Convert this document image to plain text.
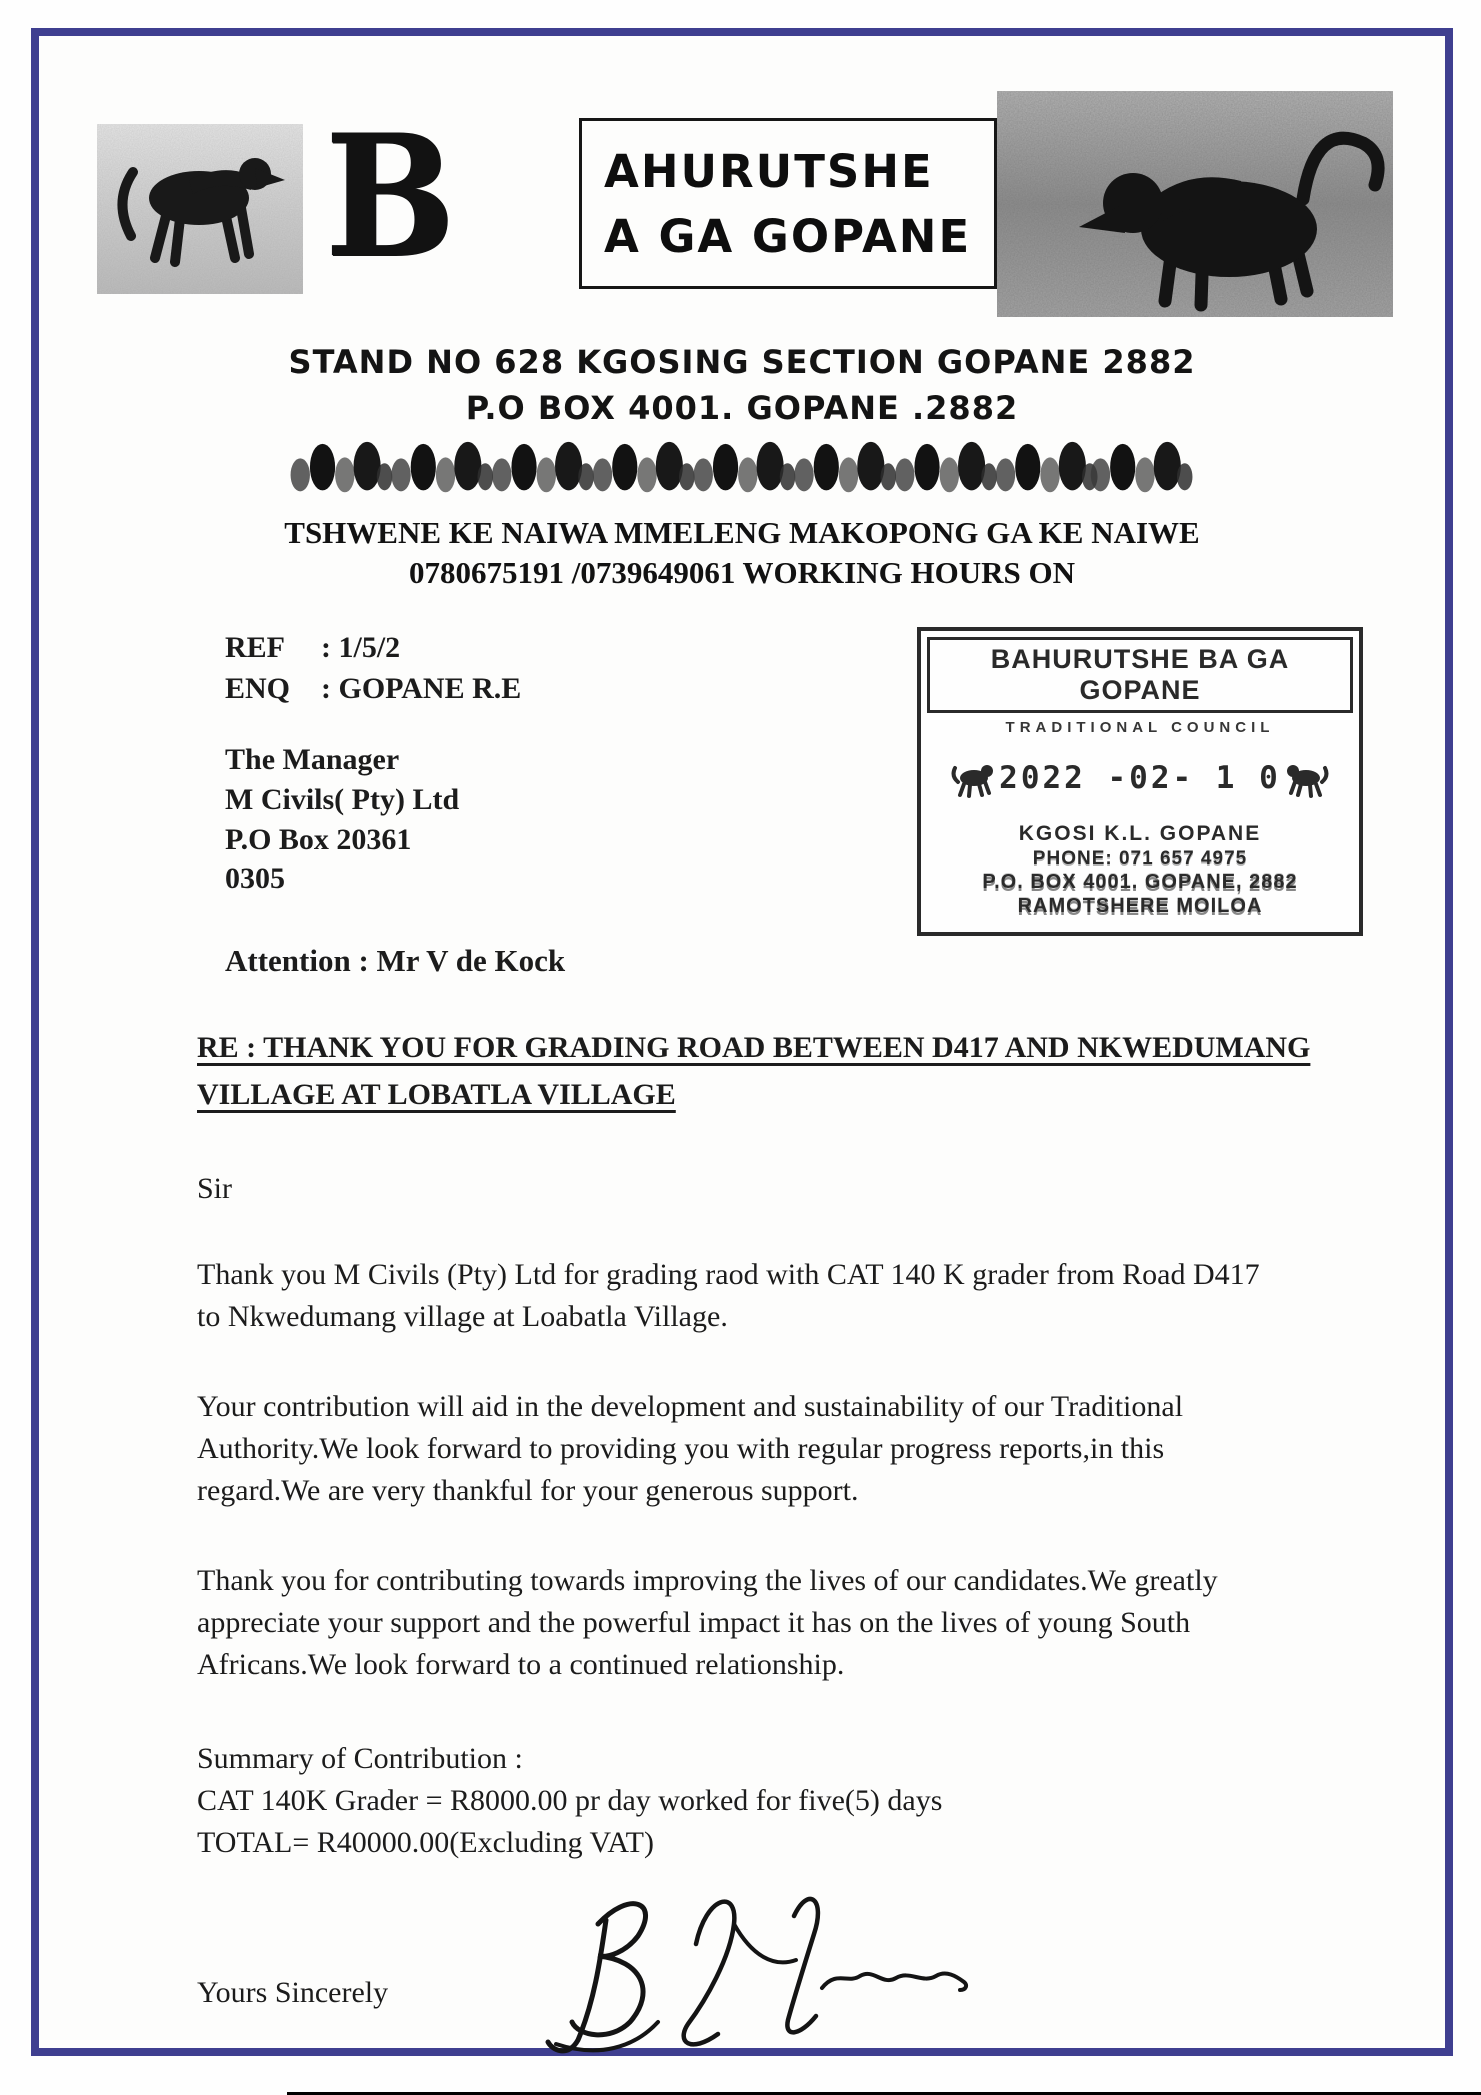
B	AHURUTSHE
A GA GOPANE
STAND NO 628 KGOSING SECTION GOPANE 2882
P.O BOX 4001. GOPANE .2882
TSHWENE KE NAIWA MMELENG MAKOPONG GA KE NAIWE
0780675191 /0739649061 WORKING HOURS ON
REF : 1/5/2
ENQ : GOPANE R.E
The Manager
M Civils( Pty) Ltd
P.O Box 20361
0305
Attention : Mr V de Kock
BAHURUTSHE BA GA GOPANE
TRADITIONAL COUNCIL
2022 -02- 1 0
KGOSI K.L. GOPANE
PHONE: 071 657 4975
P.O. BOX 4001. GOPANE, 2882
RAMOTSHERE MOILOA
RE : THANK YOU FOR GRADING ROAD BETWEEN D417 AND NKWEDUMANG
VILLAGE AT LOBATLA VILLAGE
Sir
Thank you M Civils (Pty) Ltd for grading raod with CAT 140 K grader from Road D417
to Nkwedumang village at Loabatla Village.
Your contribution will aid in the development and sustainability of our Traditional
Authority.We look forward to providing you with regular progress reports,in this
regard.We are very thankful for your generous support.
Thank you for contributing towards improving the lives of our candidates.We greatly
appreciate your support and the powerful impact it has on the lives of young South
Africans.We look forward to a continued relationship.
Summary of Contribution :
CAT 140K Grader = R8000.00 pr day worked for five(5) days
TOTAL= R40000.00(Excluding VAT)
Yours Sincerely
